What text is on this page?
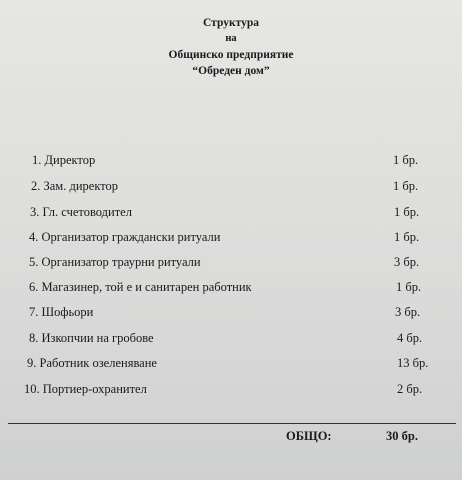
Структура
на
Общинско предприятие
“Обреден дом”
1. Директор	1 бр.
2. Зам. директор	1 бр.
3. Гл. счетоводител	1 бр.
4. Организатор граждански ритуали	1 бр.
5. Организатор траурни ритуали	3 бр.
6. Магазинер, той е и санитарен работник	1 бр.
7. Шофьори	3 бр.
8. Изкопчии на гробове	4 бр.
9. Работник озеленяване	13 бр.
10. Портиер-охранител	2 бр.
ОБЩО:	30 бр.
